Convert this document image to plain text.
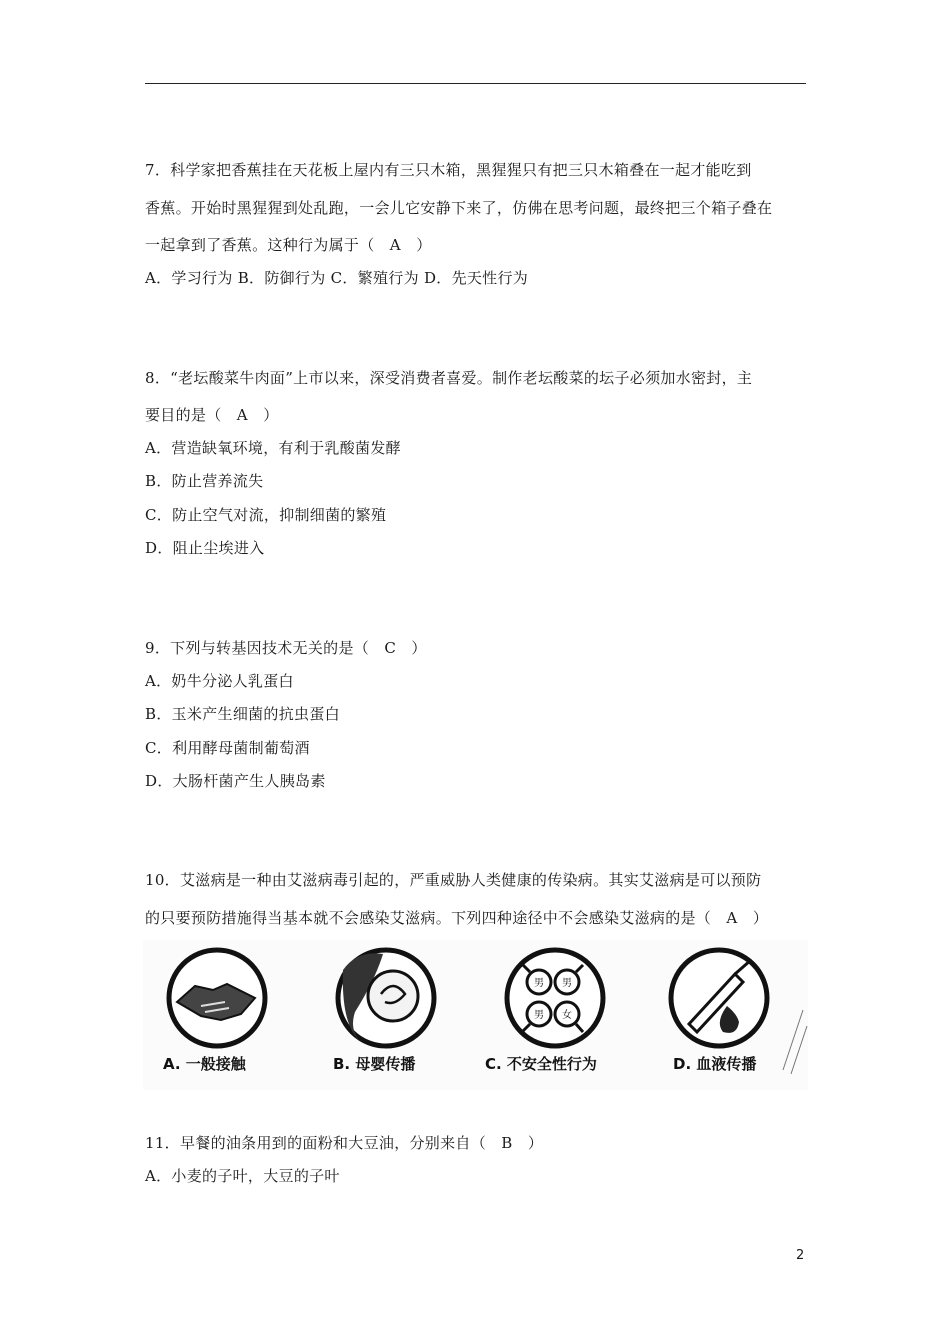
7．科学家把香蕉挂在天花板上屋内有三只木箱，黑猩猩只有把三只木箱叠在一起才能吃到
香蕉。开始时黑猩猩到处乱跑，一会儿它安静下来了，仿佛在思考问题，最终把三个箱子叠在
一起拿到了香蕉。这种行为属于（　A　）
A．学习行为 B．防御行为 C．繁殖行为 D．先天性行为
8．“老坛酸菜牛肉面”上市以来，深受消费者喜爱。制作老坛酸菜的坛子必须加水密封，主
要目的是（　A　）
A．营造缺氧环境，有利于乳酸菌发酵
B．防止营养流失
C．防止空气对流，抑制细菌的繁殖
D．阻止尘埃进入
9．下列与转基因技术无关的是（　C　）
A．奶牛分泌人乳蛋白
B．玉米产生细菌的抗虫蛋白
C．利用酵母菌制葡萄酒
D．大肠杆菌产生人胰岛素
10．艾滋病是一种由艾滋病毒引起的，严重威胁人类健康的传染病。其实艾滋病是可以预防
的只要预防措施得当基本就不会感染艾滋病。下列四种途径中不会感染艾滋病的是（　A　）
男 男
男 女
A. 一般接触	B. 母婴传播	C. 不安全性行为	D. 血液传播
11．早餐的油条用到的面粉和大豆油，分别来自（　B　）
A．小麦的子叶，大豆的子叶
2
